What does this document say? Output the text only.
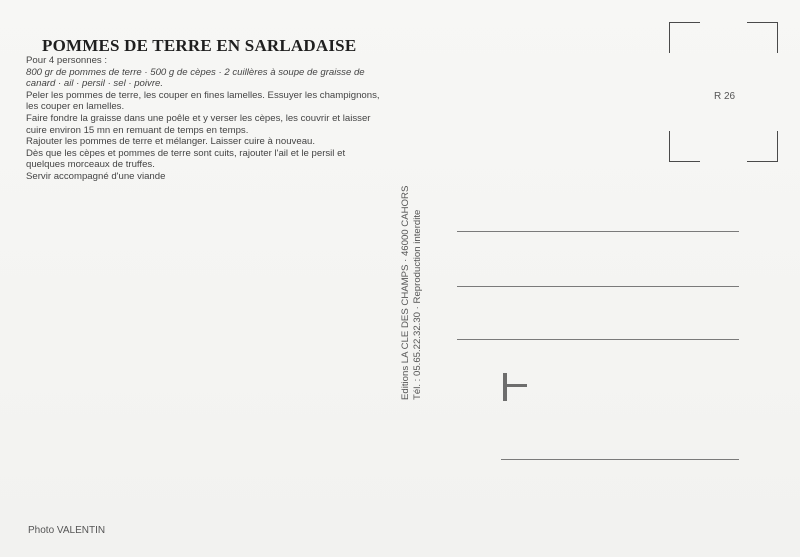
POMMES DE TERRE EN SARLADAISE

Pour 4 personnes :

800 gr de pommes de terre · 500 g de cèpes · 2 cuillères à soupe de graisse de canard · ail · persil · sel · poivre.

Peler les pommes de terre, les couper en fines lamelles. Essuyer les champignons, les couper en lamelles.

Faire fondre la graisse dans une poêle et y verser les cèpes, les couvrir et laisser cuire environ 15 mn en remuant de temps en temps.

Rajouter les pommes de terre et mélanger. Laisser cuire à nouveau.

Dès que les cèpes et pommes de terre sont cuits, rajouter l'ail et le persil et quelques morceaux de truffes.

Servir accompagné d'une viande

Photo VALENTIN
Editions LA CLE DES CHAMPS · 46000 CAHORS Tél. : 05.65.22.32.30 · Reproduction interdite
R 26
